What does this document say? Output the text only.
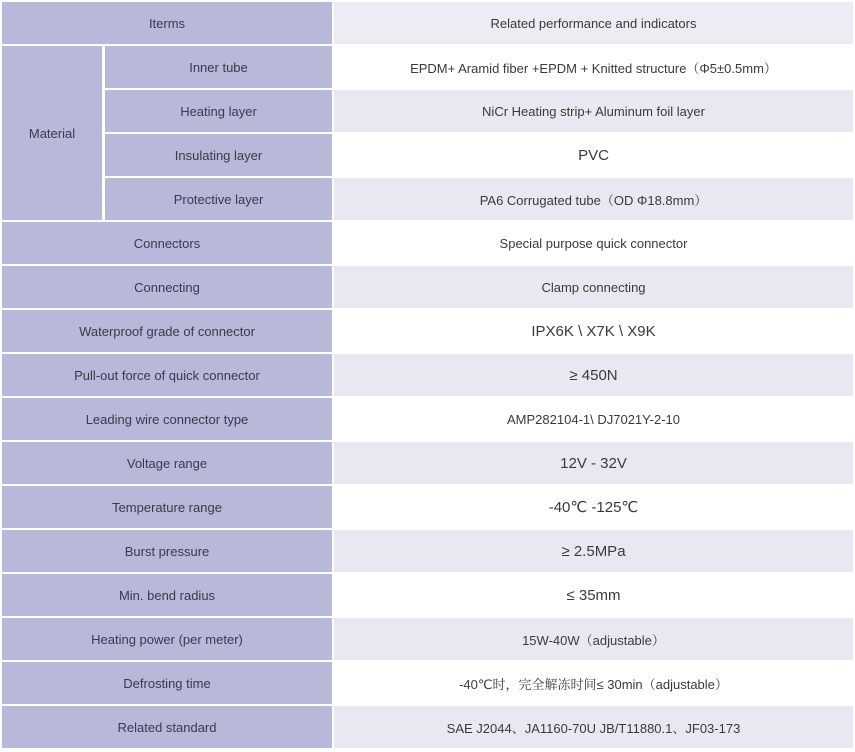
Iterms		Related performance and indicators
Material	Inner tube	EPDM+ Aramid fiber +EPDM + Knitted structure（Φ5±0.5mm）
	Heating layer	NiCr Heating strip+ Aluminum foil layer
	Insulating layer	PVC
	Protective layer	PA6 Corrugated tube（OD Φ18.8mm）
Connectors		Special purpose quick connector
Connecting		Clamp connecting
Waterproof grade of connector		IPX6K \ X7K \ X9K
Pull-out force of quick connector		≥ 450N
Leading wire connector type		AMP282104-1\ DJ7021Y-2-10
Voltage range		12V - 32V
Temperature range		-40℃ -125℃
Burst pressure		≥ 2.5MPa
Min. bend radius		≤ 35mm
Heating power (per meter)		15W-40W（adjustable）
Defrosting time		-40℃时，完全解冻时间≤ 30min（adjustable）
Related standard		SAE J2044、JA1160-70U JB/T11880.1、JF03-173
